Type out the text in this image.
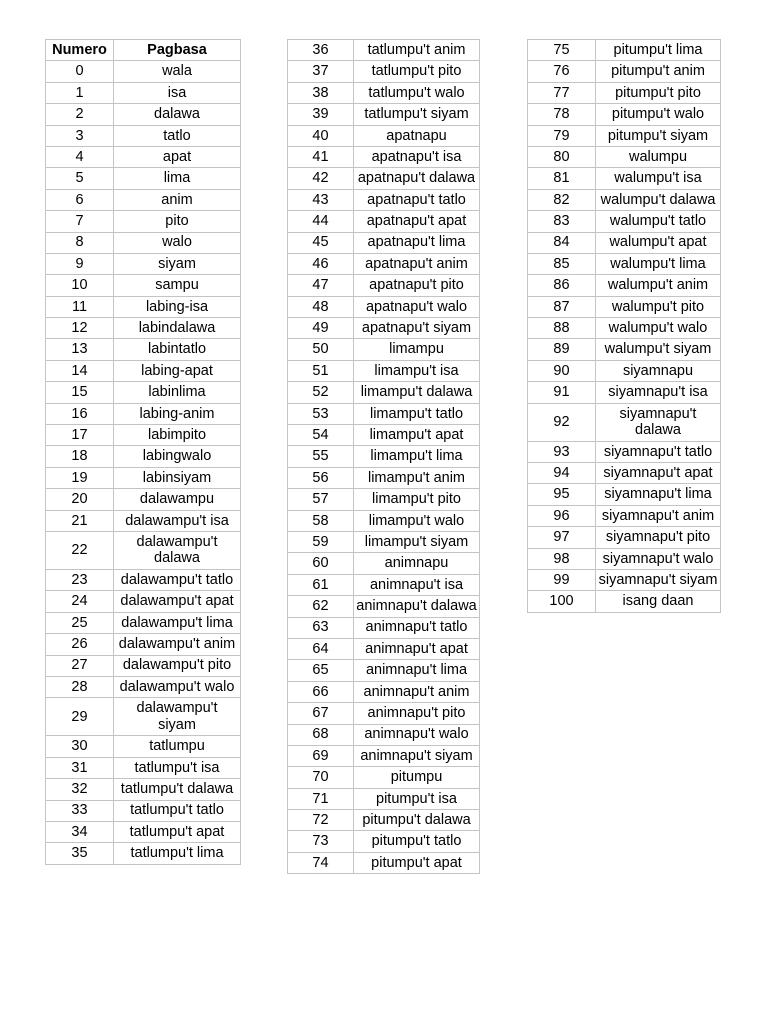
Numero	Pagbasa
0	wala
1	isa
2	dalawa
3	tatlo
4	apat
5	lima
6	anim
7	pito
8	walo
9	siyam
10	sampu
11	labing-isa
12	labindalawa
13	labintatlo
14	labing-apat
15	labinlima
16	labing-anim
17	labimpito
18	labingwalo
19	labinsiyam
20	dalawampu
21	dalawampu't isa
22	dalawampu't dalawa
23	dalawampu't tatlo
24	dalawampu't apat
25	dalawampu't lima
26	dalawampu't anim
27	dalawampu't pito
28	dalawampu't walo
29	dalawampu't siyam
30	tatlumpu
31	tatlumpu't isa
32	tatlumpu't dalawa
33	tatlumpu't tatlo
34	tatlumpu't apat
35	tatlumpu't lima
36	tatlumpu't anim
37	tatlumpu't pito
38	tatlumpu't walo
39	tatlumpu't siyam
40	apatnapu
41	apatnapu't isa
42	apatnapu't dalawa
43	apatnapu't tatlo
44	apatnapu't apat
45	apatnapu't lima
46	apatnapu't anim
47	apatnapu't pito
48	apatnapu't walo
49	apatnapu't siyam
50	limampu
51	limampu't isa
52	limampu't dalawa
53	limampu't tatlo
54	limampu't apat
55	limampu't lima
56	limampu't anim
57	limampu't pito
58	limampu't walo
59	limampu't siyam
60	animnapu
61	animnapu't isa
62	animnapu't dalawa
63	animnapu't tatlo
64	animnapu't apat
65	animnapu't lima
66	animnapu't anim
67	animnapu't pito
68	animnapu't walo
69	animnapu't siyam
70	pitumpu
71	pitumpu't isa
72	pitumpu't dalawa
73	pitumpu't tatlo
74	pitumpu't apat
75	pitumpu't lima
76	pitumpu't anim
77	pitumpu't pito
78	pitumpu't walo
79	pitumpu't siyam
80	walumpu
81	walumpu't isa
82	walumpu't dalawa
83	walumpu't tatlo
84	walumpu't apat
85	walumpu't lima
86	walumpu't anim
87	walumpu't pito
88	walumpu't walo
89	walumpu't siyam
90	siyamnapu
91	siyamnapu't isa
92	siyamnapu't dalawa
93	siyamnapu't tatlo
94	siyamnapu't apat
95	siyamnapu't lima
96	siyamnapu't anim
97	siyamnapu't pito
98	siyamnapu't walo
99	siyamnapu't siyam
100	isang daan
